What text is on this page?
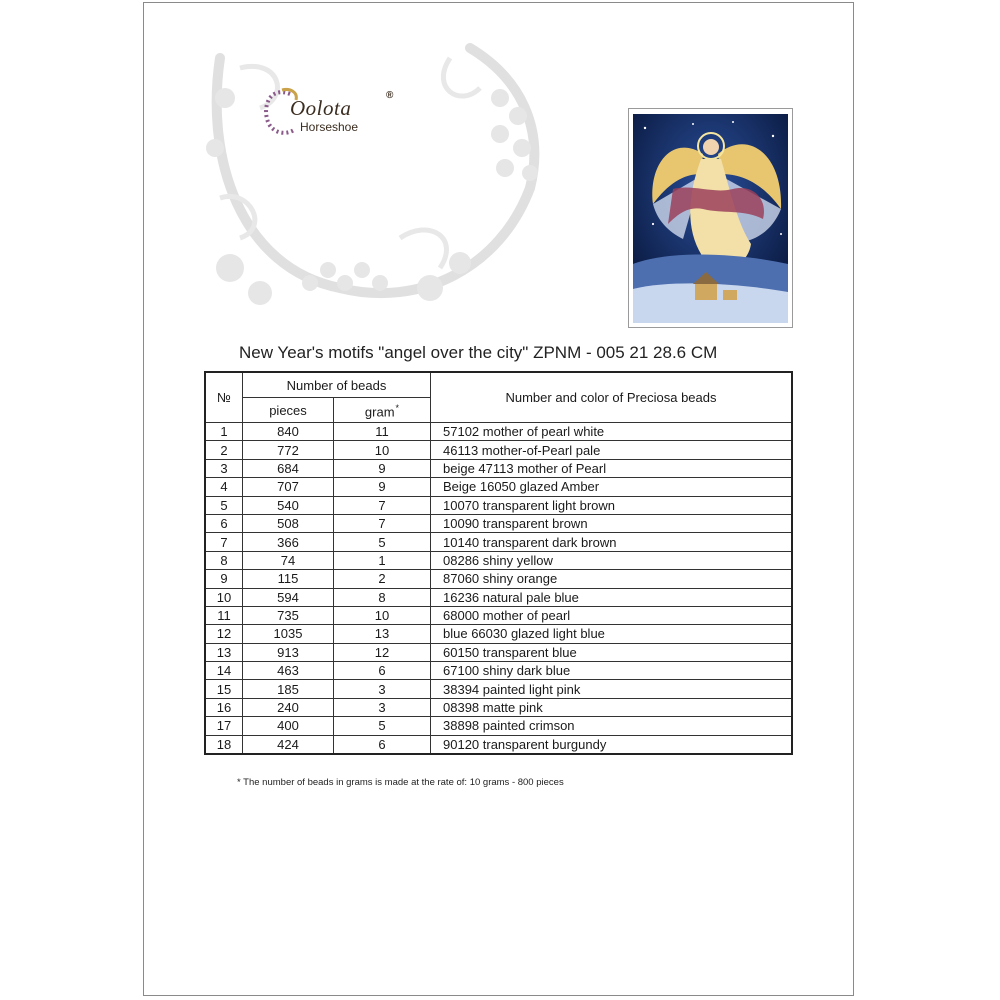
Oolota
Horseshoe
®
New Year's motifs "angel over the city" ZPNM - 005 21 28.6 CM
№	Number of beads		Number and color of Preciosa beads
	pieces	gram*
1	840	11	57102 mother of pearl white
2	772	10	46113 mother-of-Pearl pale
3	684	9	beige 47113 mother of Pearl
4	707	9	Beige 16050 glazed Amber
5	540	7	10070 transparent light brown
6	508	7	10090 transparent brown
7	366	5	10140 transparent dark brown
8	74	1	08286 shiny yellow
9	115	2	87060 shiny orange
10	594	8	16236 natural pale blue
11	735	10	68000 mother of pearl
12	1035	13	blue 66030 glazed light blue
13	913	12	60150 transparent blue
14	463	6	67100 shiny dark blue
15	185	3	38394 painted light pink
16	240	3	08398 matte pink
17	400	5	38898 painted crimson
18	424	6	90120 transparent burgundy
* The number of beads in grams is made at the rate of: 10 grams - 800 pieces
